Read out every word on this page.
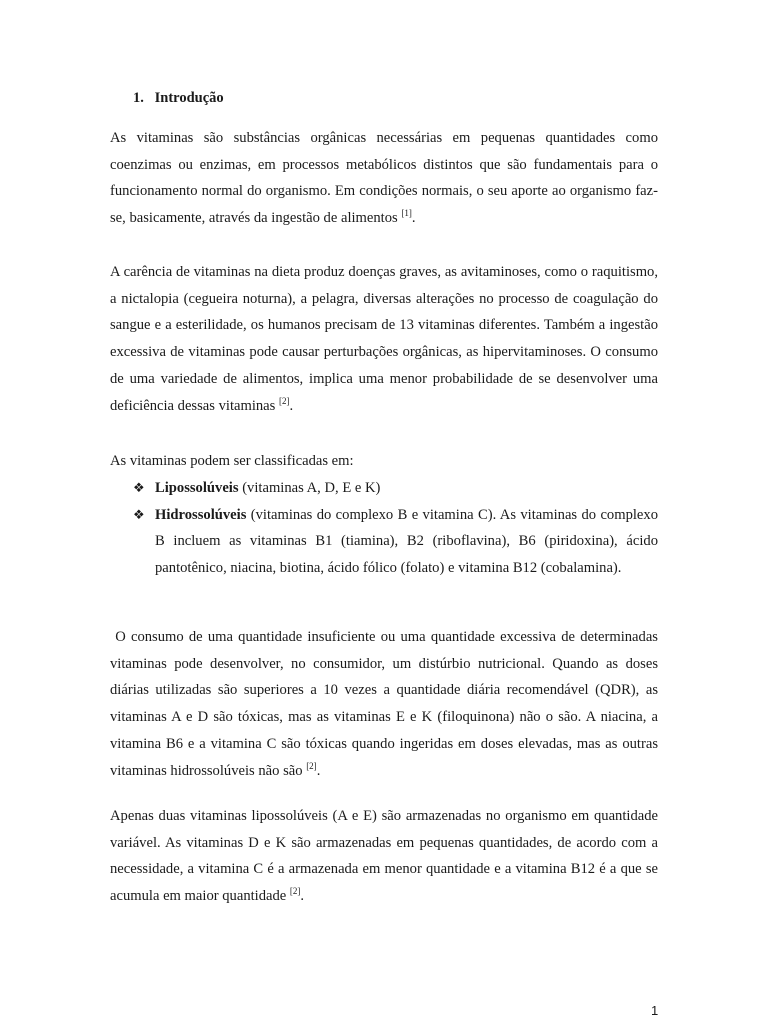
1. Introdução

As vitaminas são substâncias orgânicas necessárias em pequenas quantidades como coenzimas ou enzimas, em processos metabólicos distintos que são fundamentais para o funcionamento normal do organismo. Em condições normais, o seu aporte ao organismo faz-se, basicamente, através da ingestão de alimentos [1].

A carência de vitaminas na dieta produz doenças graves, as avitaminoses, como o raquitismo, a nictalopia (cegueira noturna), a pelagra, diversas alterações no processo de coagulação do sangue e a esterilidade, os humanos precisam de 13 vitaminas diferentes. Também a ingestão excessiva de vitaminas pode causar perturbações orgânicas, as hipervitaminoses. O consumo de uma variedade de alimentos, implica uma menor probabilidade de se desenvolver uma deficiência dessas vitaminas [2].

As vitaminas podem ser classificadas em:

❖ Lipossolúveis (vitaminas A, D, E e K)
❖ Hidrossolúveis (vitaminas do complexo B e vitamina C). As vitaminas do complexo B incluem as vitaminas B1 (tiamina), B2 (riboflavina), B6 (piridoxina), ácido pantotênico, niacina, biotina, ácido fólico (folato) e vitamina B12 (cobalamina).

O consumo de uma quantidade insuficiente ou uma quantidade excessiva de determinadas vitaminas pode desenvolver, no consumidor, um distúrbio nutricional. Quando as doses diárias utilizadas são superiores a 10 vezes a quantidade diária recomendável (QDR), as vitaminas A e D são tóxicas, mas as vitaminas E e K (filoquinona) não o são. A niacina, a vitamina B6 e a vitamina C são tóxicas quando ingeridas em doses elevadas, mas as outras vitaminas hidrossolúveis não são [2].

Apenas duas vitaminas lipossolúveis (A e E) são armazenadas no organismo em quantidade variável. As vitaminas D e K são armazenadas em pequenas quantidades, de acordo com a necessidade, a vitamina C é a armazenada em menor quantidade e a vitamina B12 é a que se acumula em maior quantidade [2].

1
